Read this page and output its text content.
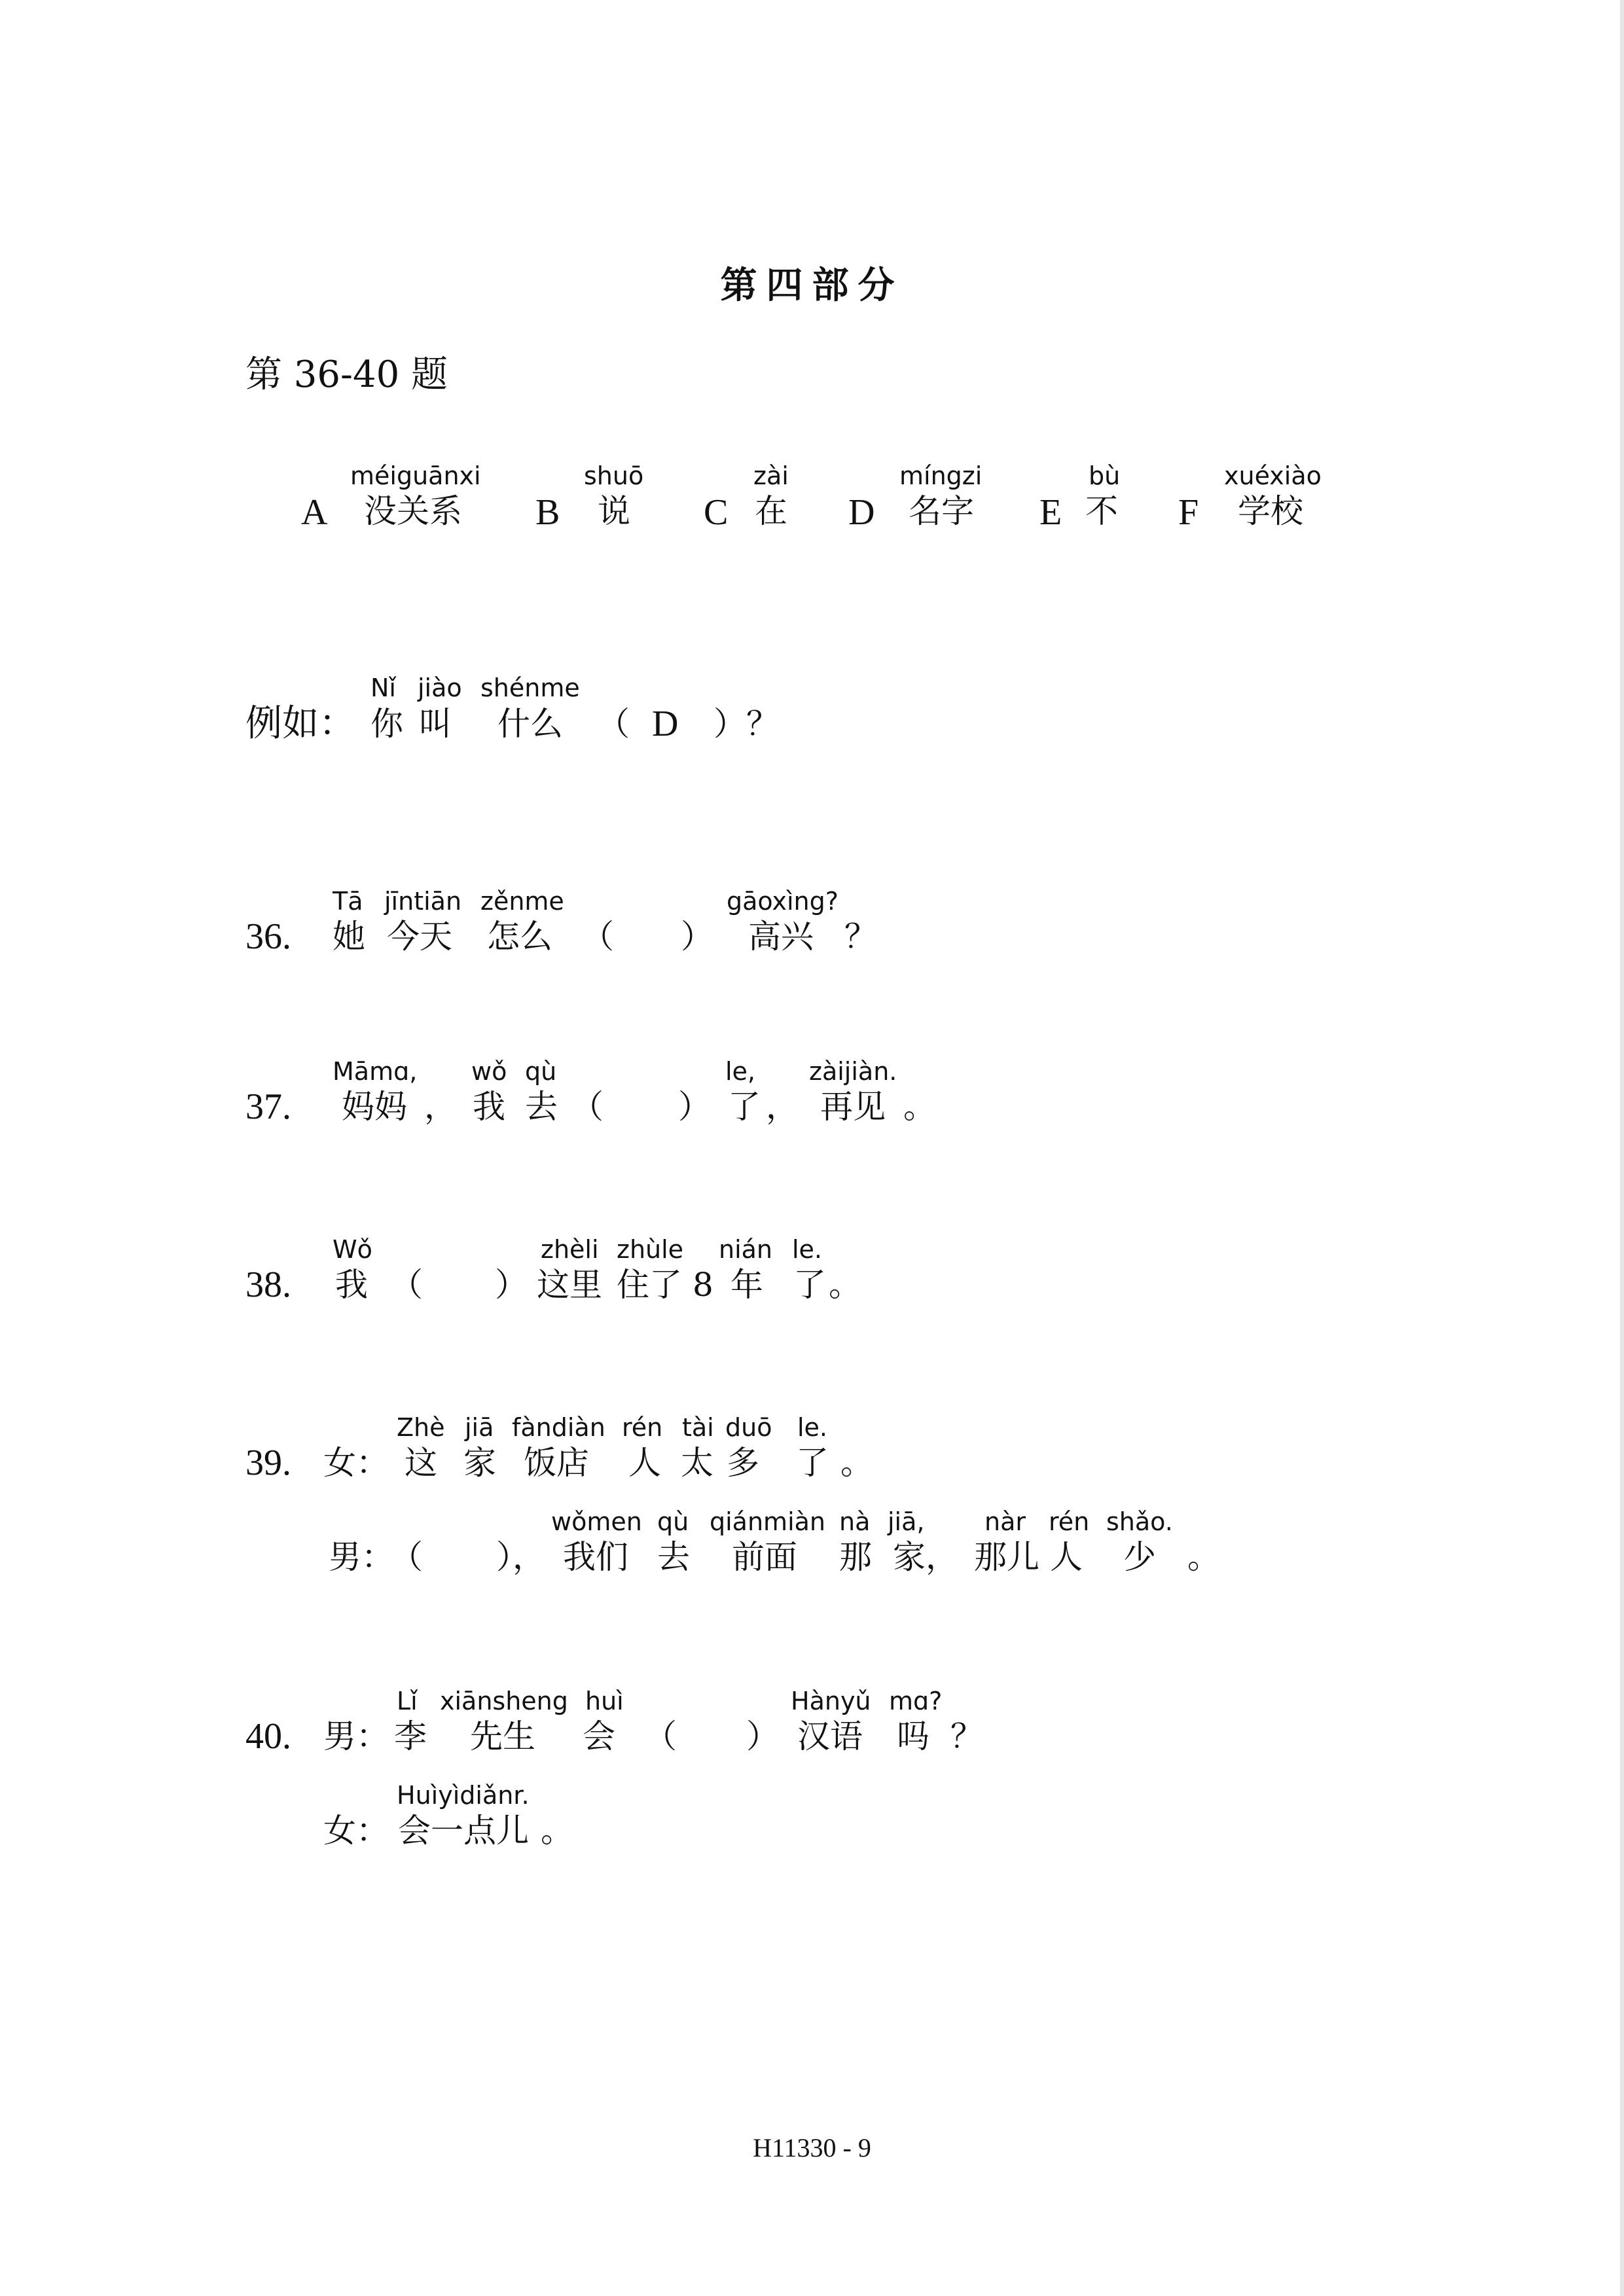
第四部分
第 36-40 题
méiguānxi
A 没关系
shuō
B 说
zài
C 在
míngzi
D 名字
bù
E 不
xuéxiào
F 学校
Nǐ jiào shénme
例如： 你 叫 什么 （ D ）？
Tā jīntiān zěnme	gāoxìng?
36. 她 今天 怎么 （ ） 高兴 ？
Māmɑ, wǒ qù	le, zàijiàn.
37. 妈妈 ， 我 去 （ ） 了 ， 再见 。
Wǒ	zhèli zhùle nián le.
38. 我 （ ） 这里 住了 8 年 了 。
Zhè jiā fàndiàn rén tài duō le.
39. 女： 这 家 饭店 人 太 多 了 。
wǒmen qù qiánmiàn nà jiā, nàr rén shǎo.
男：
（ ）， 我们 去 前面 那 家， 那儿 人 少 。
Lǐ xiānsheng huì	Hànyǔ mɑ?
40. 男： 李 先生 会 （ ） 汉语 吗 ？
Huìyìdiǎnr.
女： 会一点儿 。
H11330 - 9
